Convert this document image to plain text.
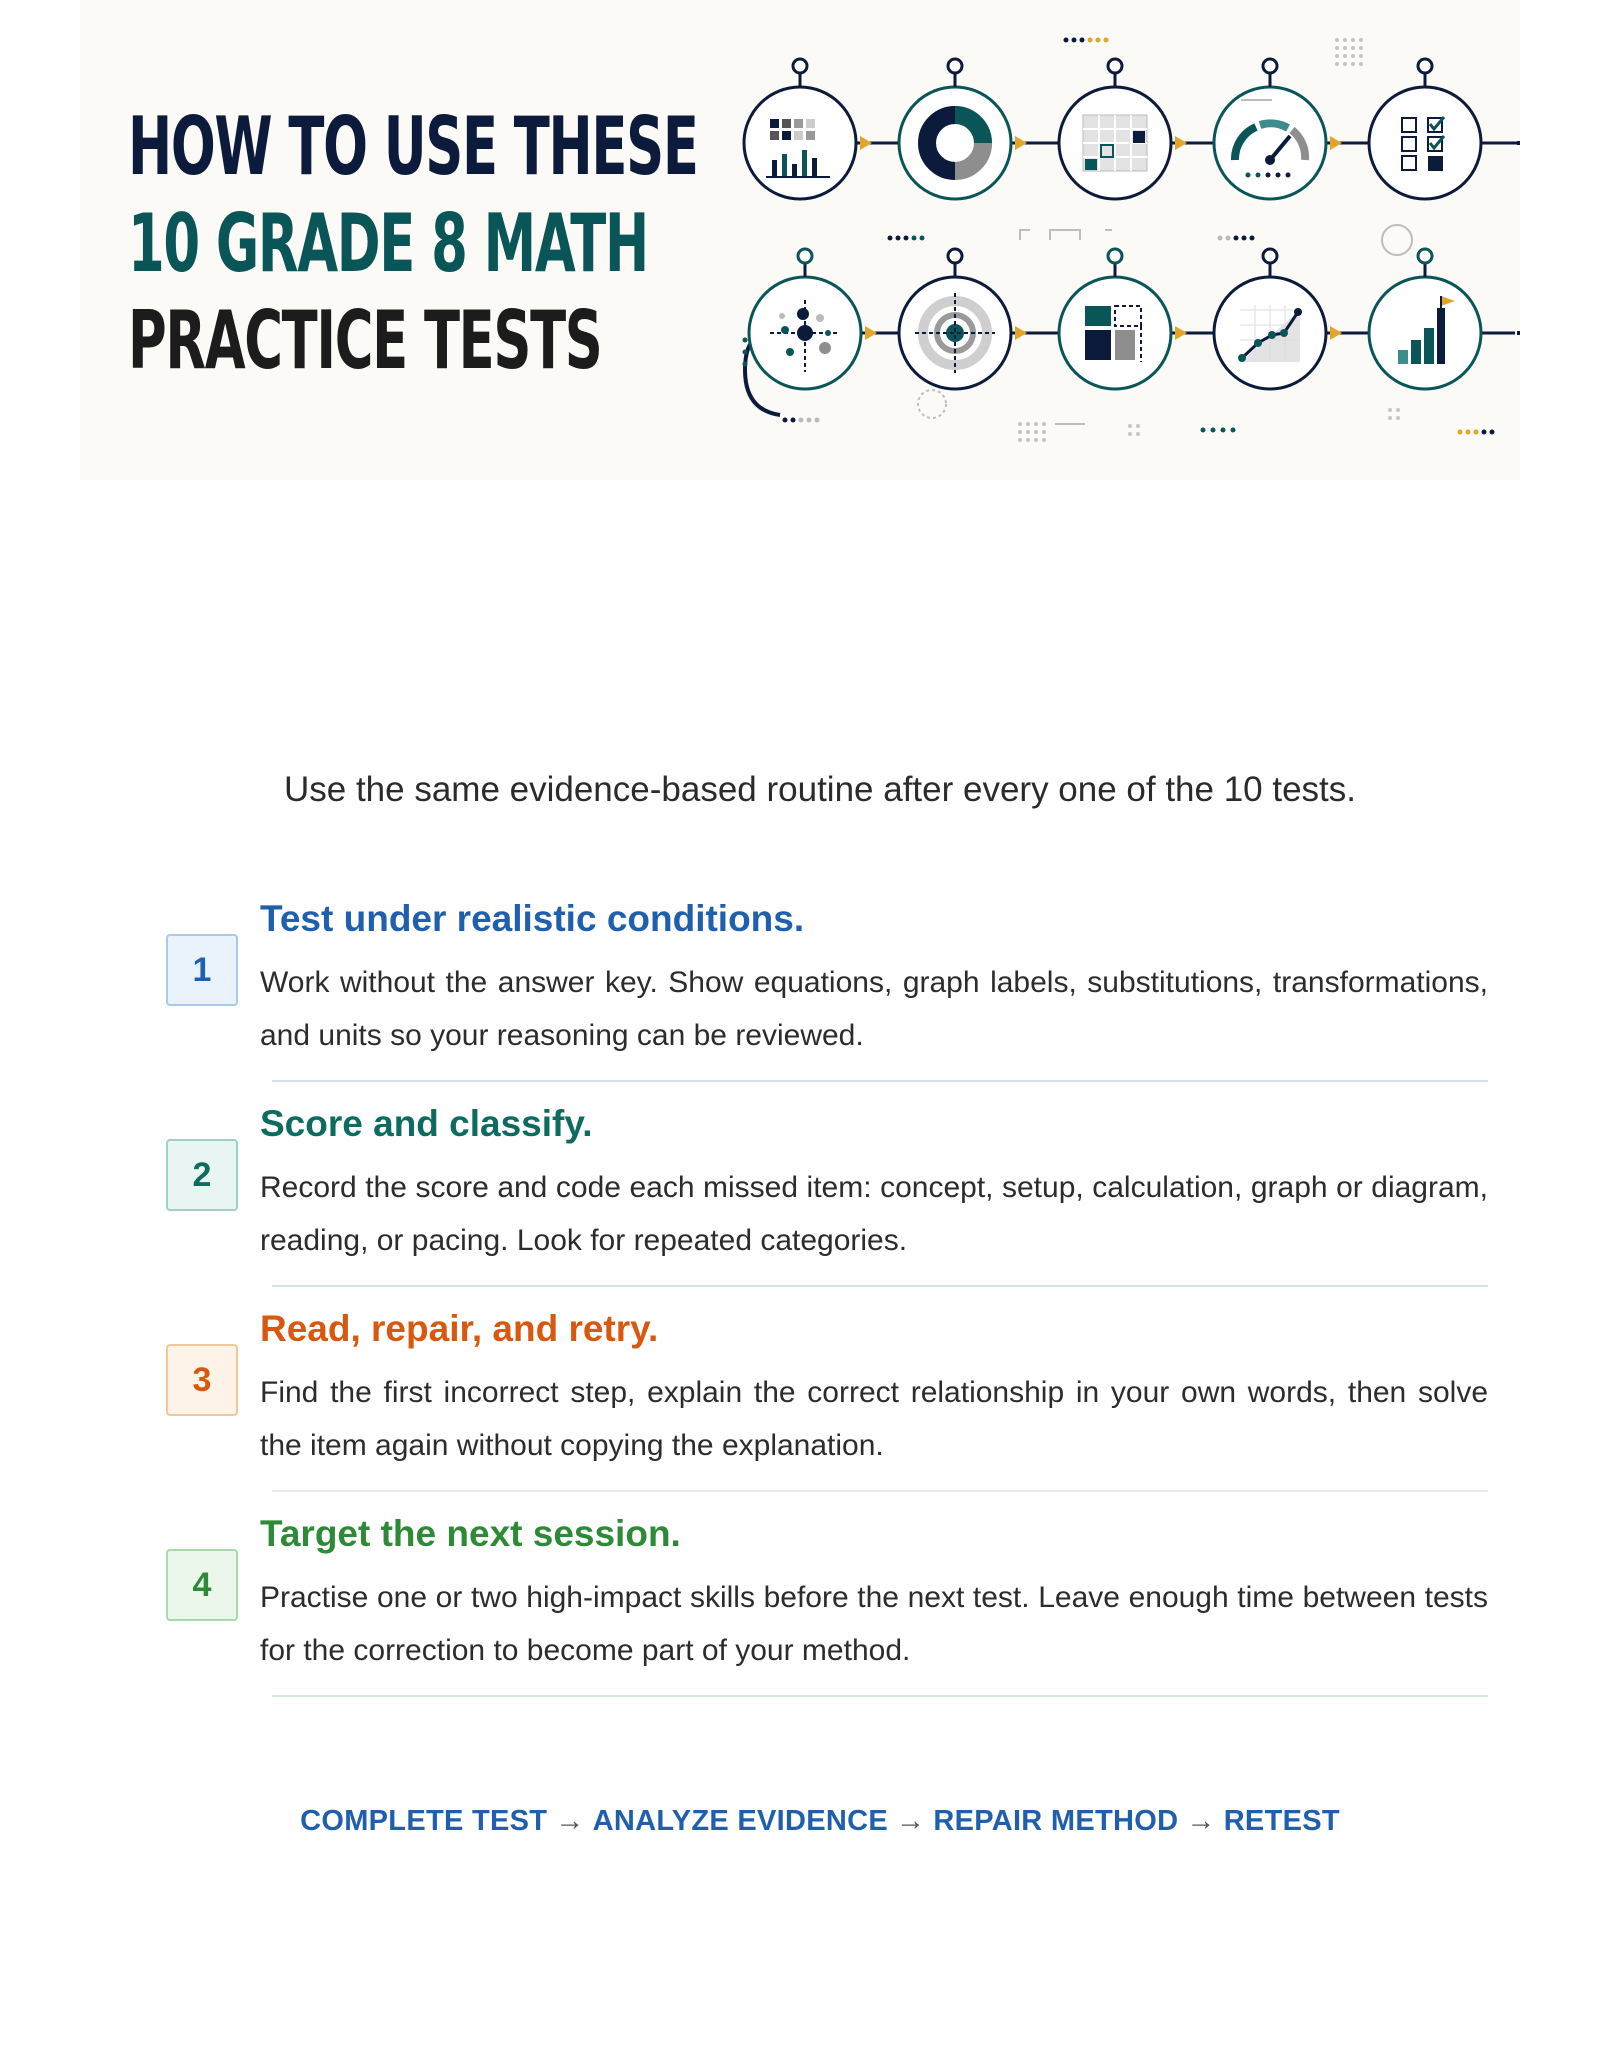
HOW TO USE THESE
10 GRADE 8 MATH
PRACTICE TESTS

Use the same evidence-based routine after every one of the 10 tests.

1
Test under realistic conditions.

Work without the answer key. Show equations, graph labels, substitutions, transformations, and units so your reasoning can be reviewed.

2
Score and classify.

Record the score and code each missed item: concept, setup, calculation, graph or diagram, reading, or pacing. Look for repeated categories.

3
Read, repair, and retry.

Find the first incorrect step, explain the correct relationship in your own words, then solve the item again without copying the explanation.

4
Target the next session.

Practise one or two high-impact skills before the next test. Leave enough time between tests for the correction to become part of your method.

COMPLETE TEST → ANALYZE EVIDENCE → REPAIR METHOD → RETEST
